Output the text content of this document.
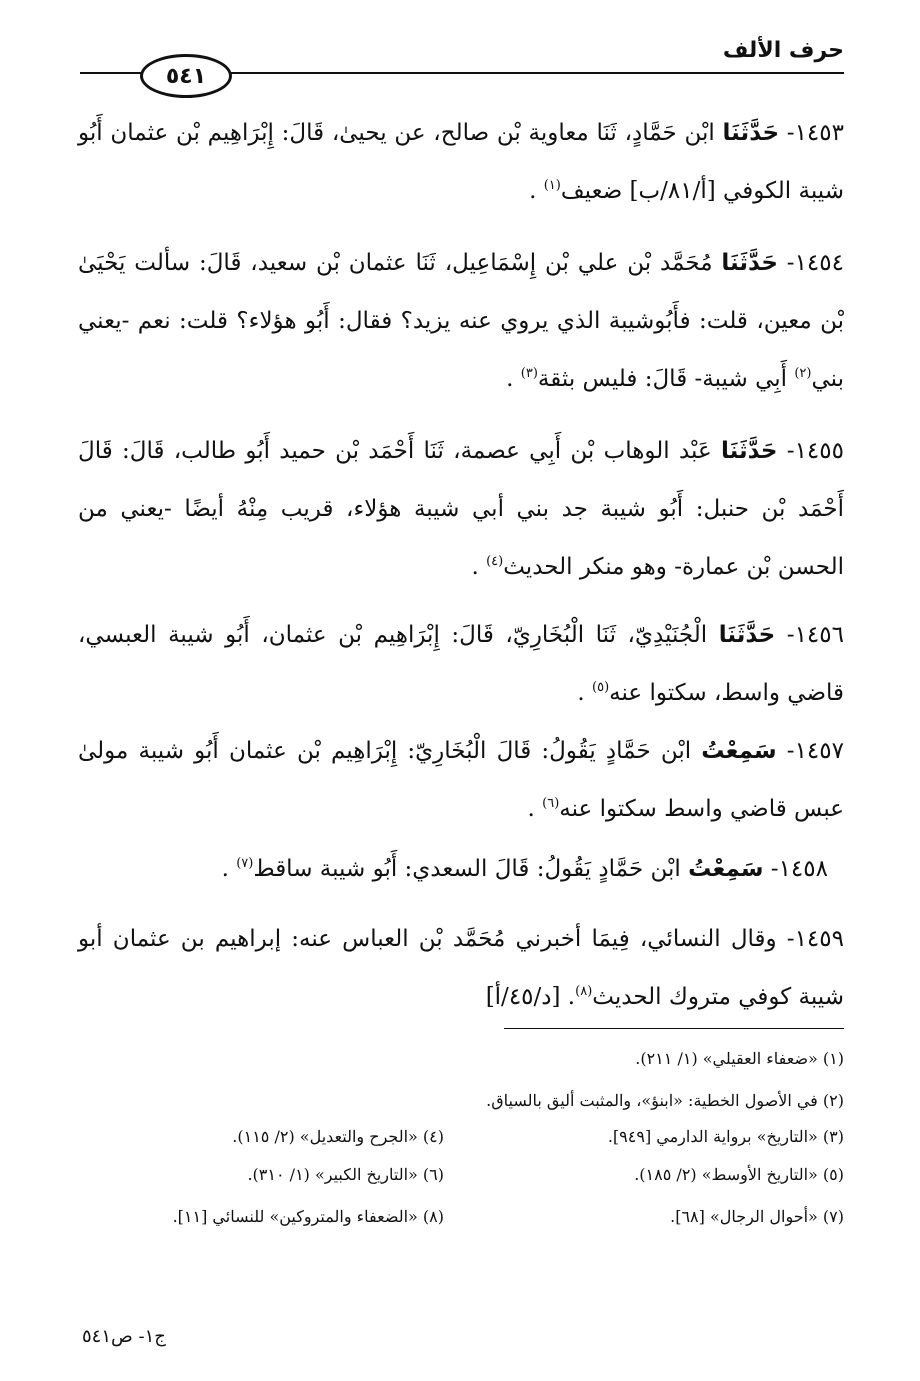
حرف الألف
٥٤١
١٤٥٣- حَدَّثَنَا ابْن حَمَّادٍ، ثَنَا معاوية بْن صالح، عن يحيىٰ، قَالَ: إِبْرَاهِيم بْن عثمان أَبُو شيبة الكوفي [أ/٨١/ب] ضعيف$^{(١)}$ .
١٤٥٤- حَدَّثَنَا مُحَمَّد بْن علي بْن إِسْمَاعِيل، ثَنَا عثمان بْن سعيد، قَالَ: سألت يَحْيَىٰ بْن معين، قلت: فأَبُوشيبة الذي يروي عنه يزيد؟ فقال: أَبُو هؤلاء؟ قلت: نعم -يعني بني$^{(٢)}$ أَبِي شيبة- قَالَ: فليس بثقة$^{(٣)}$ .
١٤٥٥- حَدَّثَنَا عَبْد الوهاب بْن أَبِي عصمة، ثَنَا أَحْمَد بْن حميد أَبُو طالب، قَالَ: قَالَ أَحْمَد بْن حنبل: أَبُو شيبة جد بني أبي شيبة هؤلاء، قريب مِنْهُ أيضًا -يعني من الحسن بْن عمارة- وهو منكر الحديث$^{(٤)}$ .
١٤٥٦- حَدَّثَنَا الْجُنَيْدِيّ، ثَنَا الْبُخَارِيّ، قَالَ: إِبْرَاهِيم بْن عثمان، أَبُو شيبة العبسي، قاضي واسط، سكتوا عنه$^{(٥)}$ .
١٤٥٧- سَمِعْتُ ابْن حَمَّادٍ يَقُولُ: قَالَ الْبُخَارِيّ: إِبْرَاهِيم بْن عثمان أَبُو شيبة مولىٰ عبس قاضي واسط سكتوا عنه$^{(٦)}$ .
١٤٥٨- سَمِعْتُ ابْن حَمَّادٍ يَقُولُ: قَالَ السعدي: أَبُو شيبة ساقط$^{(٧)}$ .
١٤٥٩- وقال النسائي، فِيمَا أخبرني مُحَمَّد بْن العباس عنه: إبراهيم بن عثمان أبو شيبة كوفي متروك الحديث$^{(٨)}$. [د/٤٥/أ]
(١) «ضعفاء العقيلي» (١/ ٢١١).
(٢) في الأصول الخطية: «ابنؤ»، والمثبت أليق بالسياق.
(٣) «التاريخ» برواية الدارمي [٩٤٩].
(٤) «الجرح والتعديل» (٢/ ١١٥).
(٥) «التاريخ الأوسط» (٢/ ١٨٥).
(٦) «التاريخ الكبير» (١/ ٣١٠).
(٧) «أحوال الرجال» [٦٨].
(٨) «الضعفاء والمتروكين» للنسائي [١١].
ج١- ص٥٤١
